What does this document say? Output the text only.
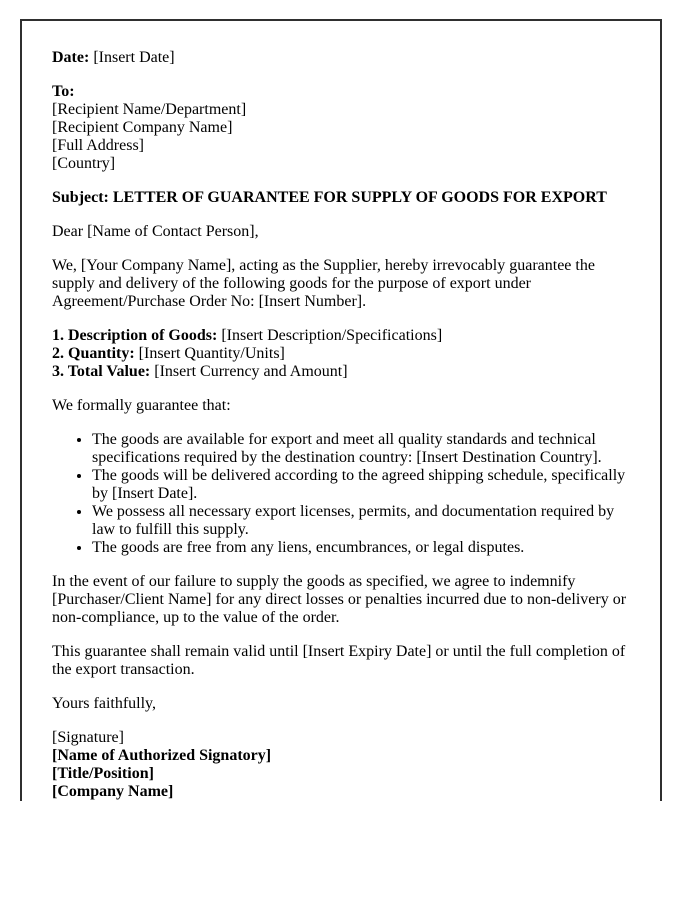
Date: [Insert Date]

To:
[Recipient Name/Department]
[Recipient Company Name]
[Full Address]
[Country]

Subject: LETTER OF GUARANTEE FOR SUPPLY OF GOODS FOR EXPORT

Dear [Name of Contact Person],

We, [Your Company Name], acting as the Supplier, hereby irrevocably guarantee the supply and delivery of the following goods for the purpose of export under Agreement/Purchase Order No: [Insert Number].

1. Description of Goods: [Insert Description/Specifications]
2. Quantity: [Insert Quantity/Units]
3. Total Value: [Insert Currency and Amount]

We formally guarantee that:

• The goods are available for export and meet all quality standards and technical specifications required by the destination country: [Insert Destination Country].
• The goods will be delivered according to the agreed shipping schedule, specifically by [Insert Date].
• We possess all necessary export licenses, permits, and documentation required by law to fulfill this supply.
• The goods are free from any liens, encumbrances, or legal disputes.

In the event of our failure to supply the goods as specified, we agree to indemnify [Purchaser/Client Name] for any direct losses or penalties incurred due to non-delivery or non-compliance, up to the value of the order.

This guarantee shall remain valid until [Insert Expiry Date] or until the full completion of the export transaction.

Yours faithfully,

[Signature]
[Name of Authorized Signatory]
[Title/Position]
[Company Name]
